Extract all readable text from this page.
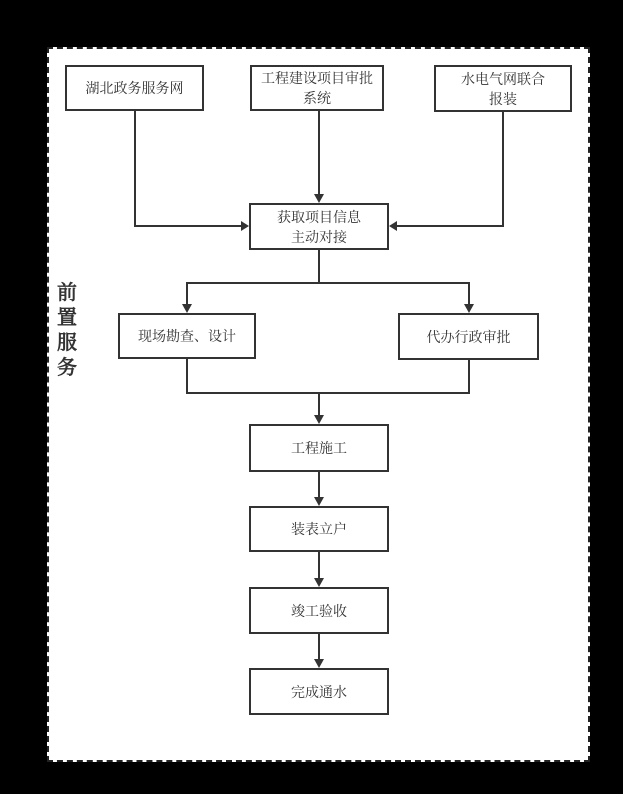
前
置
服
务
湖北政务服务网
工程建设项目审批
系统
水电气网联合
报装
获取项目信息
主动对接
现场勘查、设计	代办行政审批
工程施工
装表立户
竣工验收
完成通水
